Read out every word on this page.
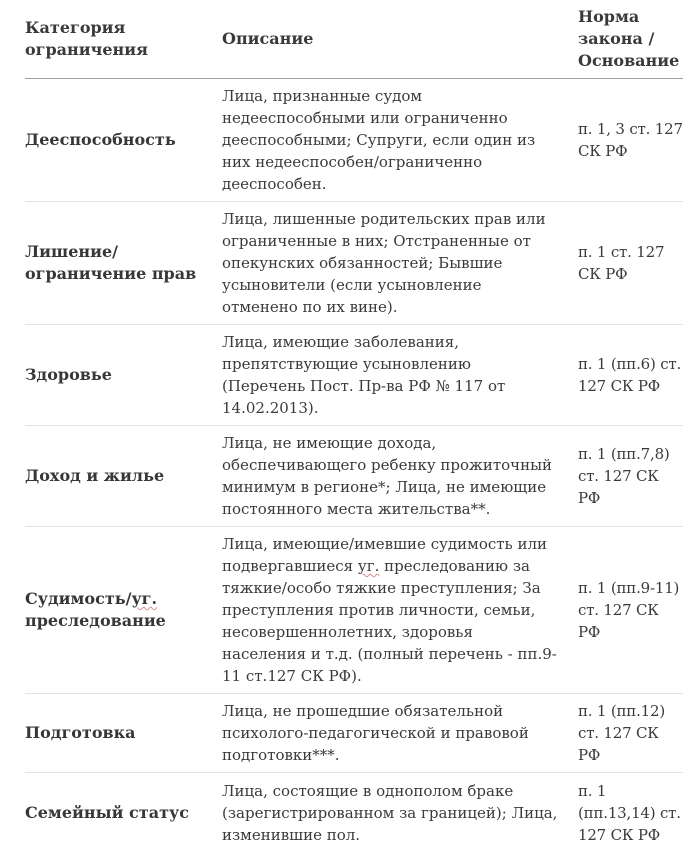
Категория ограничения	Описание	Норма закона / Основание
Дееспособность	Лица, признанные судом недееспособными или ограниченно дееспособными; Супруги, если один из них недееспособен/ограниченно дееспособен.	п. 1, 3 ст. 127 СК РФ
Лишение/ограничение прав	Лица, лишенные родительских прав или ограниченные в них; Отстраненные от опекунских обязанностей; Бывшие усыновители (если усыновление отменено по их вине).	п. 1 ст. 127 СК РФ
Здоровье	Лица, имеющие заболевания, препятствующие усыновлению (Перечень Пост. Пр-ва РФ № 117 от 14.02.2013).	п. 1 (пп.6) ст. 127 СК РФ
Доход и жилье	Лица, не имеющие дохода, обеспечивающего ребенку прожиточный минимум в регионе*; Лица, не имеющие постоянного места жительства**.	п. 1 (пп.7,8) ст. 127 СК РФ
Судимость/уг. преследование	Лица, имеющие/имевшие судимость или подвергавшиеся уг. преследованию за тяжкие/особо тяжкие преступления; За преступления против личности, семьи, несовершеннолетних, здоровья населения и т.д. (полный перечень - пп.9-11 ст.127 СК РФ).	п. 1 (пп.9-11) ст. 127 СК РФ
Подготовка	Лица, не прошедшие обязательной психолого-педагогической и правовой подготовки***.	п. 1 (пп.12) ст. 127 СК РФ
Семейный статус	Лица, состоящие в однополом браке (зарегистрированном за границей); Лица, изменившие пол.	п. 1 (пп.13,14) ст. 127 СК РФ
